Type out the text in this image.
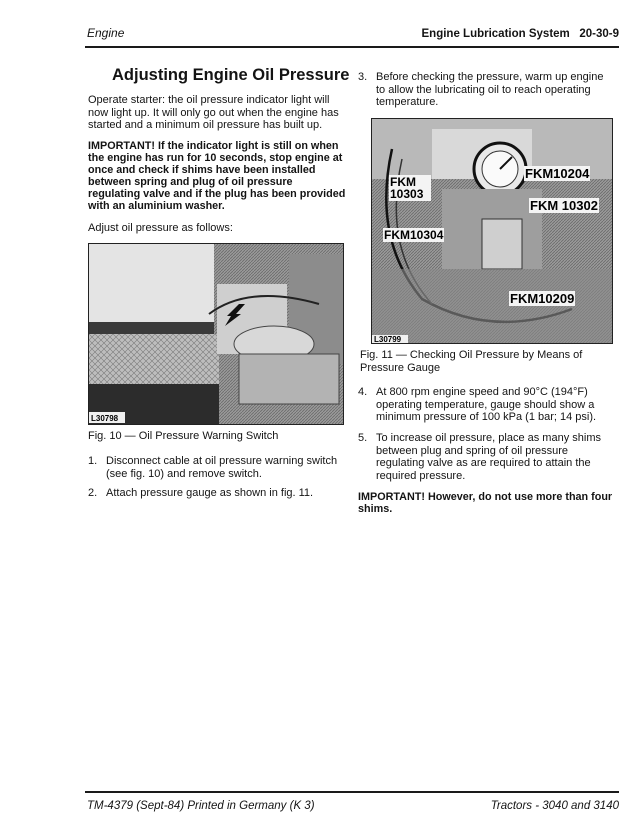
Engine	Engine Lubrication System 20-30-9
Adjusting Engine Oil Pressure

Operate starter: the oil pressure indicator light will now light up. It will only go out when the engine has started and a minimum oil pressure has built up.

IMPORTANT! If the indicator light is still on when the engine has run for 10 seconds, stop engine at once and check if shims have been installed between spring and plug of oil pressure regulating valve and if the plug has been provided with an aluminium washer.

Adjust oil pressure as follows:

L30798

Fig. 10 — Oil Pressure Warning Switch

1. Disconnect cable at oil pressure warning switch (see fig. 10) and remove switch.
2. Attach pressure gauge as shown in fig. 11.
3. Before checking the pressure, warm up engine to allow the lubricating oil to reach operating temperature.
L30799
FKM 10303
FKM10204
FKM 10302
FKM10304
FKM10209

Fig. 11 — Checking Oil Pressure by Means of Pressure Gauge

4. At 800 rpm engine speed and 90°C (194°F) operating temperature, gauge should show a minimum pressure of 100 kPa (1 bar; 14 psi).
5. To increase oil pressure, place as many shims between plug and spring of oil pressure regulating valve as are required to attain the required pressure.

IMPORTANT! However, do not use more than four shims.

TM-4379 (Sept-84) Printed in Germany (K 3)	Tractors - 3040 and 3140
